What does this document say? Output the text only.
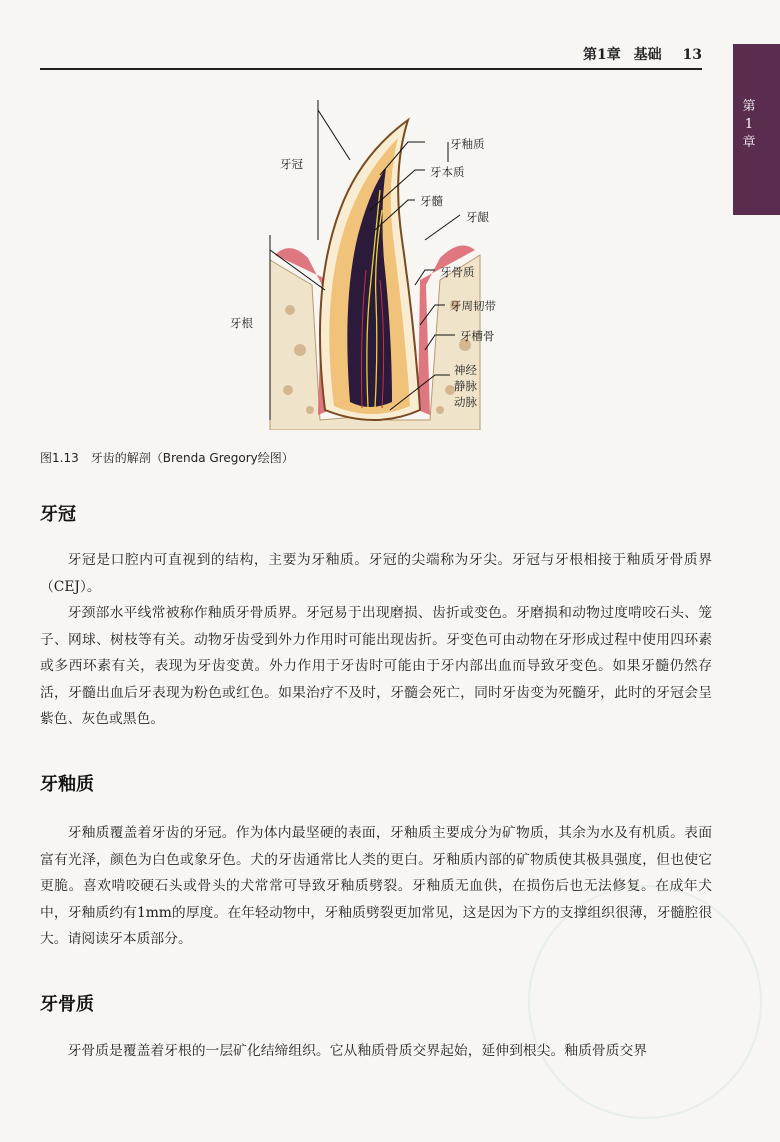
第1章 基础 13
第
1
章
牙冠
牙根
牙釉质
牙本质
牙髓
牙龈
牙骨质
牙周韧带
牙槽骨
神经
静脉
动脉
图1.13　牙齿的解剖（Brenda Gregory绘图）
牙冠

牙冠是口腔内可直视到的结构，主要为牙釉质。牙冠的尖端称为牙尖。牙冠与牙根相接于釉质牙骨质界（CEJ）。

牙颈部水平线常被称作釉质牙骨质界。牙冠易于出现磨损、齿折或变色。牙磨损和动物过度啃咬石头、笼子、网球、树枝等有关。动物牙齿受到外力作用时可能出现齿折。牙变色可由动物在牙形成过程中使用四环素或多西环素有关，表现为牙齿变黄。外力作用于牙齿时可能由于牙内部出血而导致牙变色。如果牙髓仍然存活，牙髓出血后牙表现为粉色或红色。如果治疗不及时，牙髓会死亡，同时牙齿变为死髓牙，此时的牙冠会呈紫色、灰色或黑色。

牙釉质

牙釉质覆盖着牙齿的牙冠。作为体内最坚硬的表面，牙釉质主要成分为矿物质，其余为水及有机质。表面富有光泽，颜色为白色或象牙色。犬的牙齿通常比人类的更白。牙釉质内部的矿物质使其极具强度，但也使它更脆。喜欢啃咬硬石头或骨头的犬常常可导致牙釉质劈裂。牙釉质无血供，在损伤后也无法修复。在成年犬中，牙釉质约有1mm的厚度。在年轻动物中，牙釉质劈裂更加常见，这是因为下方的支撑组织很薄，牙髓腔很大。请阅读牙本质部分。

牙骨质

牙骨质是覆盖着牙根的一层矿化结缔组织。它从釉质骨质交界起始，延伸到根尖。釉质骨质交界
